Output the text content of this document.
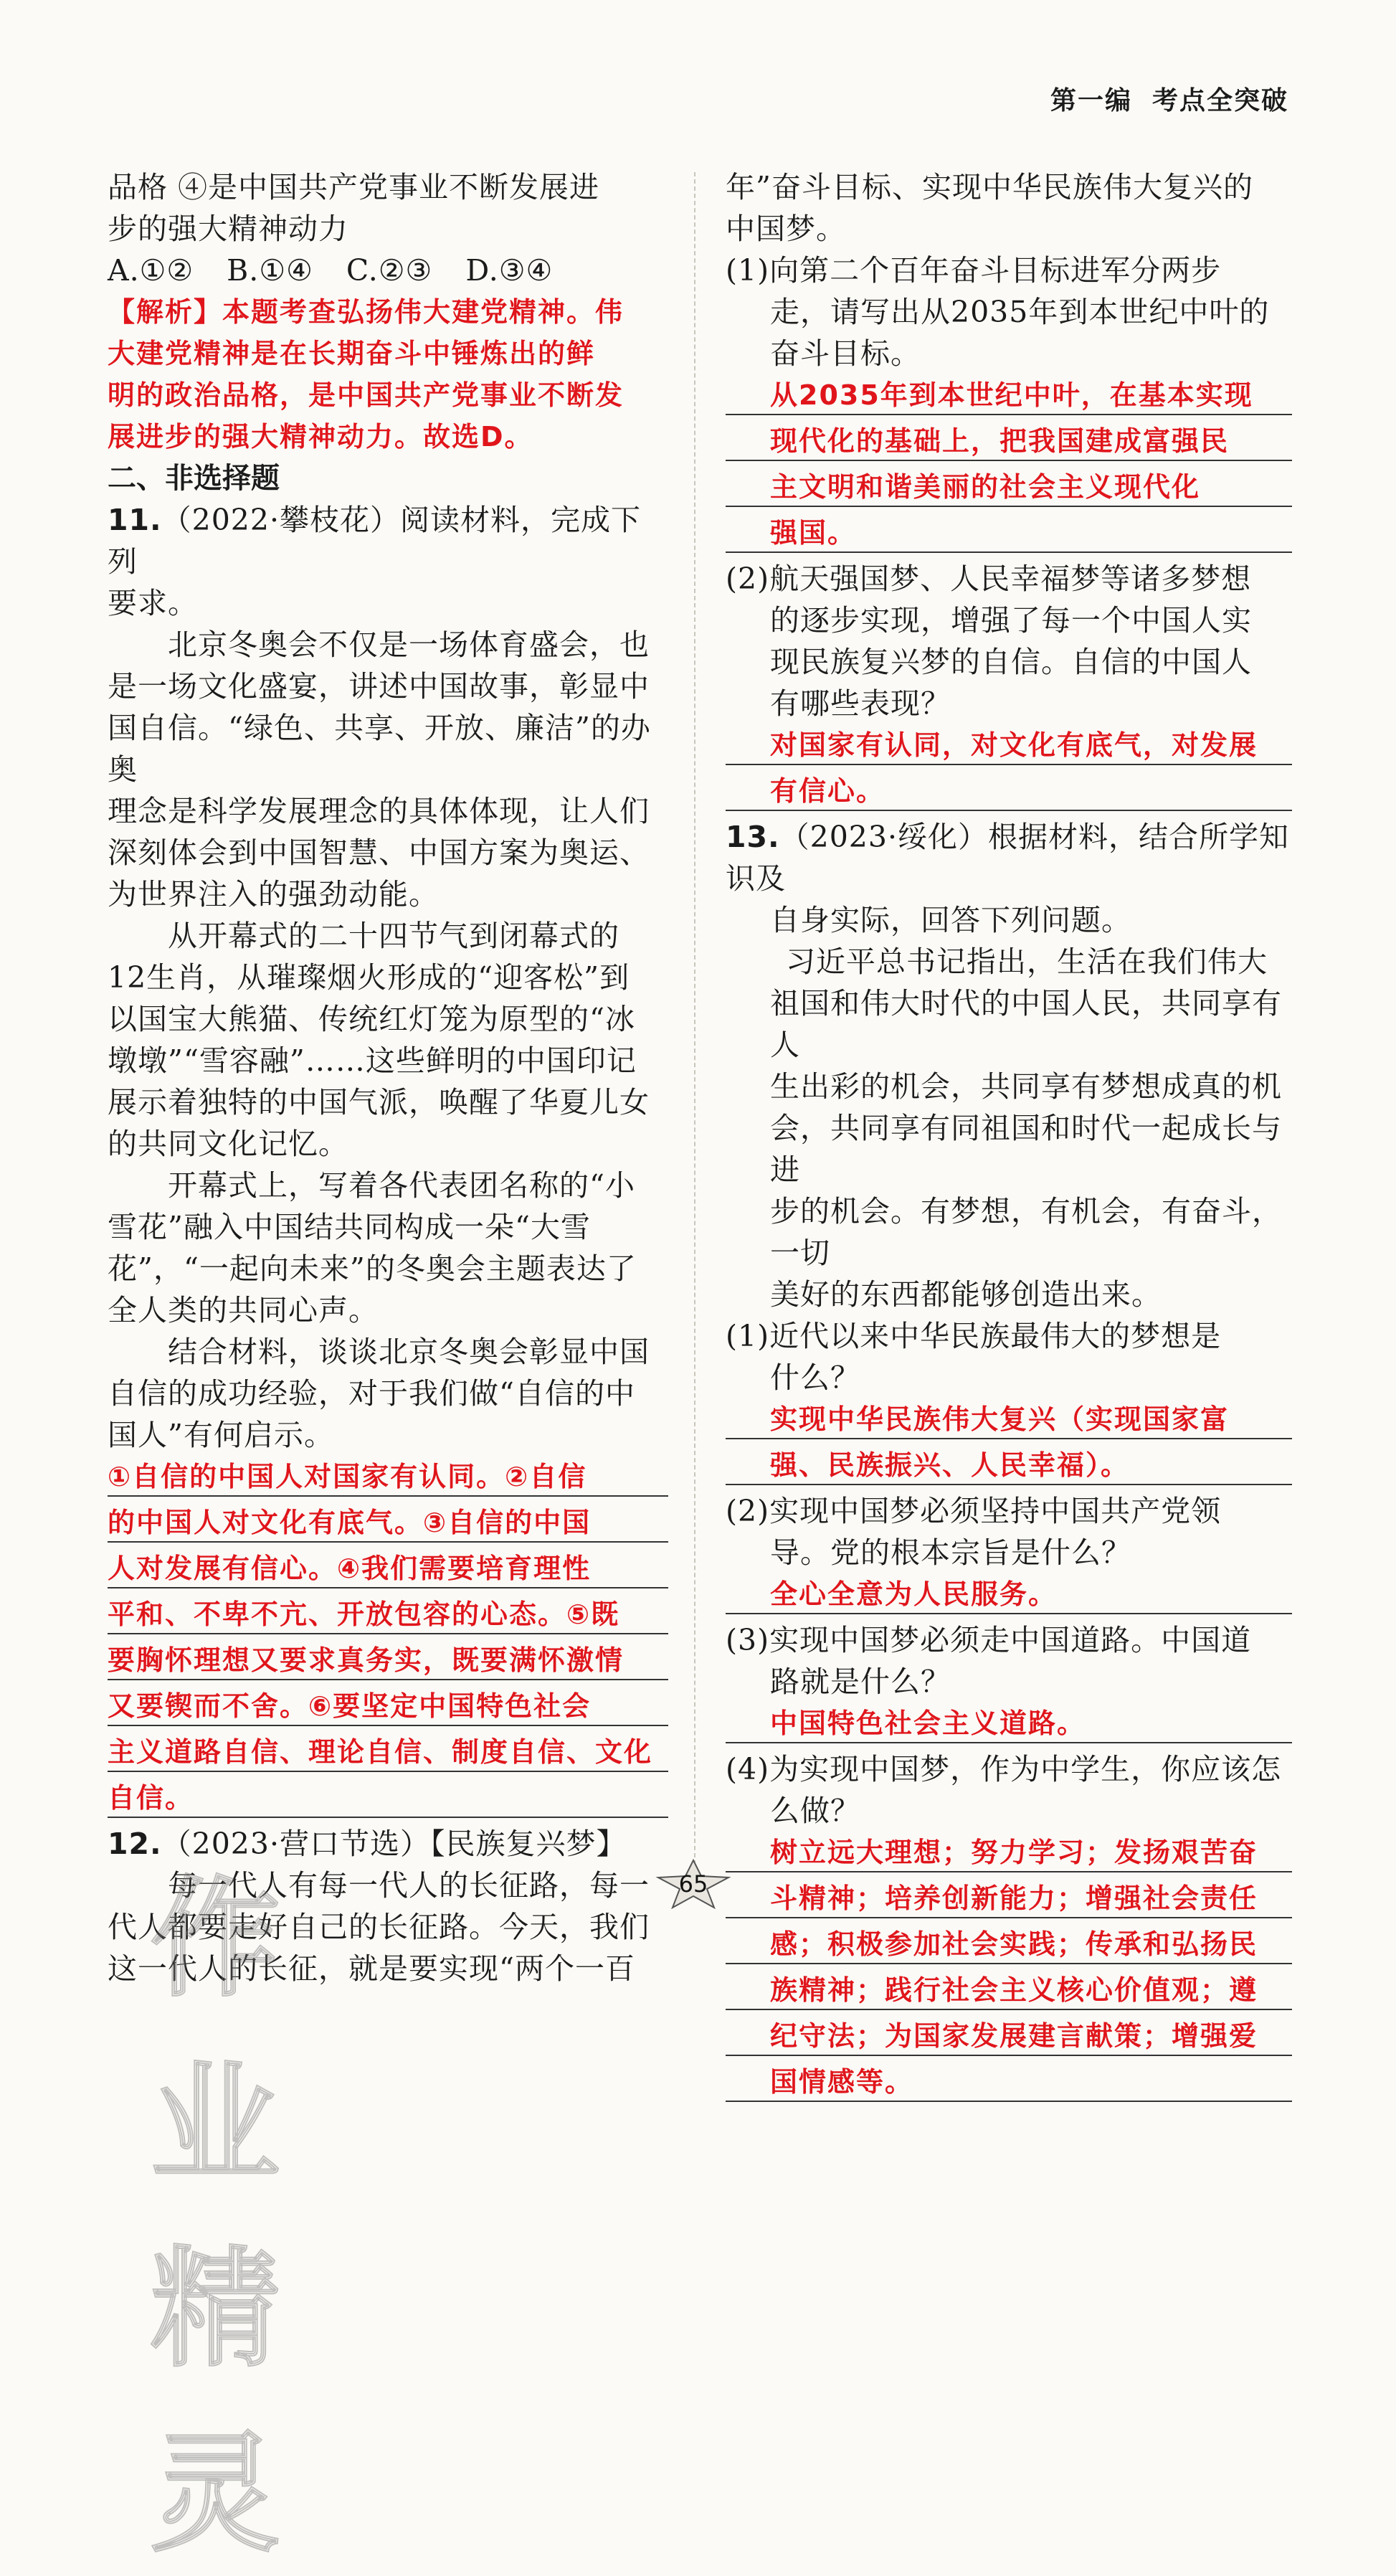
第一编 考点全突破

品格 ④是中国共产党事业不断发展进

步的强大精神动力

A.①② B.①④ C.②③ D.③④
【解析】本题考查弘扬伟大建党精神。伟
大建党精神是在长期奋斗中锤炼出的鲜
明的政治品格，是中国共产党事业不断发
展进步的强大精神动力。故选D。
二、非选择题

11.（2022·攀枝花）阅读材料，完成下列

要求。

北京冬奥会不仅是一场体育盛会，也

是一场文化盛宴，讲述中国故事，彰显中

国自信。“绿色、共享、开放、廉洁”的办奥

理念是科学发展理念的具体体现，让人们

深刻体会到中国智慧、中国方案为奥运、

为世界注入的强劲动能。

从开幕式的二十四节气到闭幕式的

12生肖，从璀璨烟火形成的“迎客松”到

以国宝大熊猫、传统红灯笼为原型的“冰

墩墩”“雪容融”……这些鲜明的中国印记

展示着独特的中国气派，唤醒了华夏儿女

的共同文化记忆。

开幕式上，写着各代表团名称的“小

雪花”融入中国结共同构成一朵“大雪

花”，“一起向未来”的冬奥会主题表达了

全人类的共同心声。

结合材料，谈谈北京冬奥会彰显中国

自信的成功经验，对于我们做“自信的中

国人”有何启示。

①自信的中国人对国家有认同。②自信
的中国人对文化有底气。③自信的中国
人对发展有信心。④我们需要培育理性
平和、不卑不亢、开放包容的心态。⑤既
要胸怀理想又要求真务实，既要满怀激情
又要锲而不舍。⑥要坚定中国特色社会
主义道路自信、理论自信、制度自信、文化
自信。

12.（2023·营口节选）【民族复兴梦】

每一代人有每一代人的长征路，每一

代人都要走好自己的长征路。今天，我们

这一代人的长征，就是要实现“两个一百

年”奋斗目标、实现中华民族伟大复兴的

中国梦。

(1)向第二个百年奋斗目标进军分两步

走，请写出从2035年到本世纪中叶的

奋斗目标。

从2035年到本世纪中叶，在基本实现
现代化的基础上，把我国建成富强民
主文明和谐美丽的社会主义现代化
强国。

(2)航天强国梦、人民幸福梦等诸多梦想

的逐步实现，增强了每一个中国人实

现民族复兴梦的自信。自信的中国人

有哪些表现？

对国家有认同，对文化有底气，对发展
有信心。

13.（2023·绥化）根据材料，结合所学知识及

自身实际，回答下列问题。

习近平总书记指出，生活在我们伟大

祖国和伟大时代的中国人民，共同享有人

生出彩的机会，共同享有梦想成真的机

会，共同享有同祖国和时代一起成长与进

步的机会。有梦想，有机会，有奋斗，一切

美好的东西都能够创造出来。

(1)近代以来中华民族最伟大的梦想是

什么？

实现中华民族伟大复兴（实现国家富
强、民族振兴、人民幸福）。

(2)实现中国梦必须坚持中国共产党领

导。党的根本宗旨是什么？

全心全意为人民服务。

(3)实现中国梦必须走中国道路。中国道

路就是什么？

中国特色社会主义道路。

(4)为实现中国梦，作为中学生，你应该怎

么做？

树立远大理想；努力学习；发扬艰苦奋
斗精神；培养创新能力；增强社会责任
感；积极参加社会实践；传承和弘扬民
族精神；践行社会主义核心价值观；遵
纪守法；为国家发展建言献策；增强爱
国情感等。
65
作业精灵
